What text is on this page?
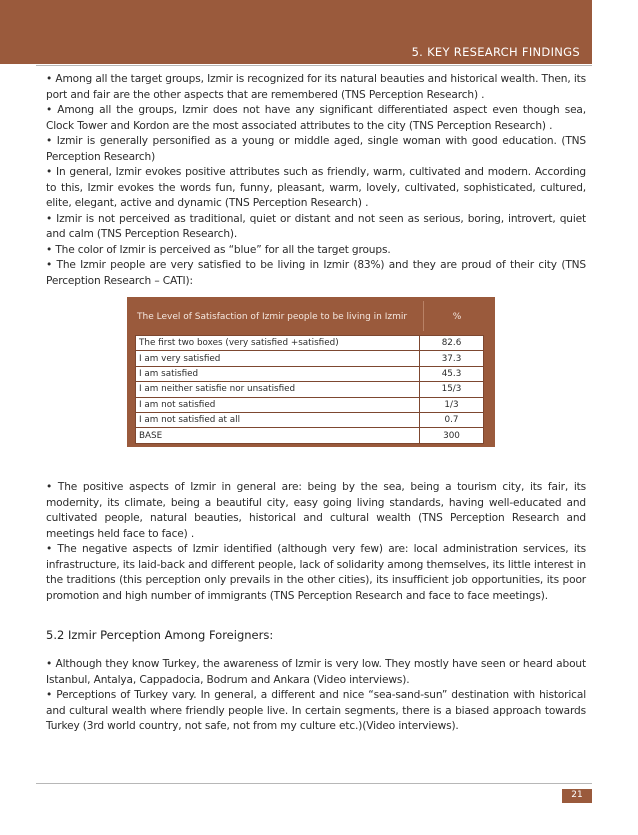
5. KEY RESEARCH FINDINGS

• Among all the target groups, Izmir is recognized for its natural beauties and historical wealth. Then, its port and fair are the other aspects that are remembered (TNS Perception Research) .

• Among all the groups, Izmir does not have any significant differentiated aspect even though sea, Clock Tower and Kordon are the most associated attributes to the city (TNS Perception Research) .

• Izmir is generally personified as a young or middle aged, single woman with good education. (TNS Perception Research)

• In general, Izmir evokes positive attributes such as friendly, warm, cultivated and modern. According to this, Izmir evokes the words fun, funny, pleasant, warm, lovely, cultivated, sophisticated, cultured, elite, elegant, active and dynamic (TNS Perception Research) .

• Izmir is not perceived as traditional, quiet or distant and not seen as serious, boring, introvert, quiet and calm (TNS Perception Research).

• The color of Izmir is perceived as “blue” for all the target groups.

• The Izmir people are very satisfied to be living in Izmir (83%) and they are proud of their city (TNS Perception Research – CATI):

The Level of Satisfaction of Izmir people to be living in Izmir	%
The first two boxes (very satisfied +satisfied)	82.6
I am very satisfied	37.3
I am satisfied	45.3
I am neither satisfie nor unsatisfied	15/3
I am not satisfied	1/3
I am not satisfied at all	0.7
BASE	300

• The positive aspects of Izmir in general are: being by the sea, being a tourism city, its fair, its modernity, its climate, being a beautiful city, easy going living standards, having well-educated and cultivated people, natural beauties, historical and cultural wealth (TNS Perception Research and meetings held face to face) .

• The negative aspects of Izmir identified (although very few) are: local administration services, its infrastructure, its laid-back and different people, lack of solidarity among themselves, its little interest in the traditions (this perception only prevails in the other cities), its insufficient job opportunities, its poor promotion and high number of immigrants (TNS Perception Research and face to face meetings).

5.2 Izmir Perception Among Foreigners:

• Although they know Turkey, the awareness of Izmir is very low. They mostly have seen or heard about Istanbul, Antalya, Cappadocia, Bodrum and Ankara (Video interviews).

• Perceptions of Turkey vary. In general, a different and nice “sea-sand-sun” destination with historical and cultural wealth where friendly people live. In certain segments, there is a biased approach towards Turkey (3rd world country, not safe, not from my culture etc.)(Video interviews).

21
